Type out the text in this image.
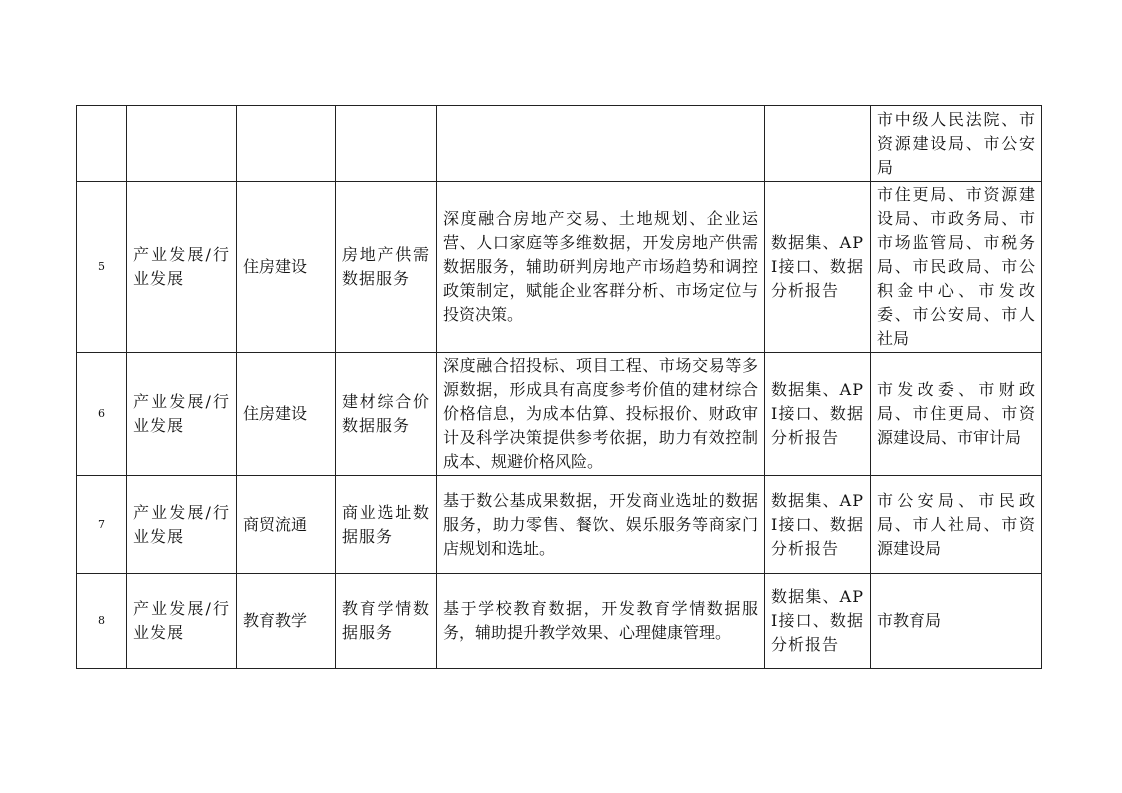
						市中级人民法院、市资源建设局、市公安局
5	产业发展/行业发展	住房建设	房地产供需数据服务	深度融合房地产交易、土地规划、企业运营、人口家庭等多维数据，开发房地产供需数据服务，辅助研判房地产市场趋势和调控政策制定，赋能企业客群分析、市场定位与投资决策。	数据集、API接口、数据分析报告	市住更局、市资源建设局、市政务局、市市场监管局、市税务局、市民政局、市公积金中心、市发改委、市公安局、市人社局
6	产业发展/行业发展	住房建设	建材综合价数据服务	深度融合招投标、项目工程、市场交易等多源数据，形成具有高度参考价值的建材综合价格信息，为成本估算、投标报价、财政审计及科学决策提供参考依据，助力有效控制成本、规避价格风险。	数据集、API接口、数据分析报告	市发改委、市财政局、市住更局、市资源建设局、市审计局
7	产业发展/行业发展	商贸流通	商业选址数据服务	基于数公基成果数据，开发商业选址的数据服务，助力零售、餐饮、娱乐服务等商家门店规划和选址。	数据集、API接口、数据分析报告	市公安局、市民政局、市人社局、市资源建设局
8	产业发展/行业发展	教育教学	教育学情数据服务	基于学校教育数据，开发教育学情数据服务，辅助提升教学效果、心理健康管理。	数据集、API接口、数据分析报告	市教育局
